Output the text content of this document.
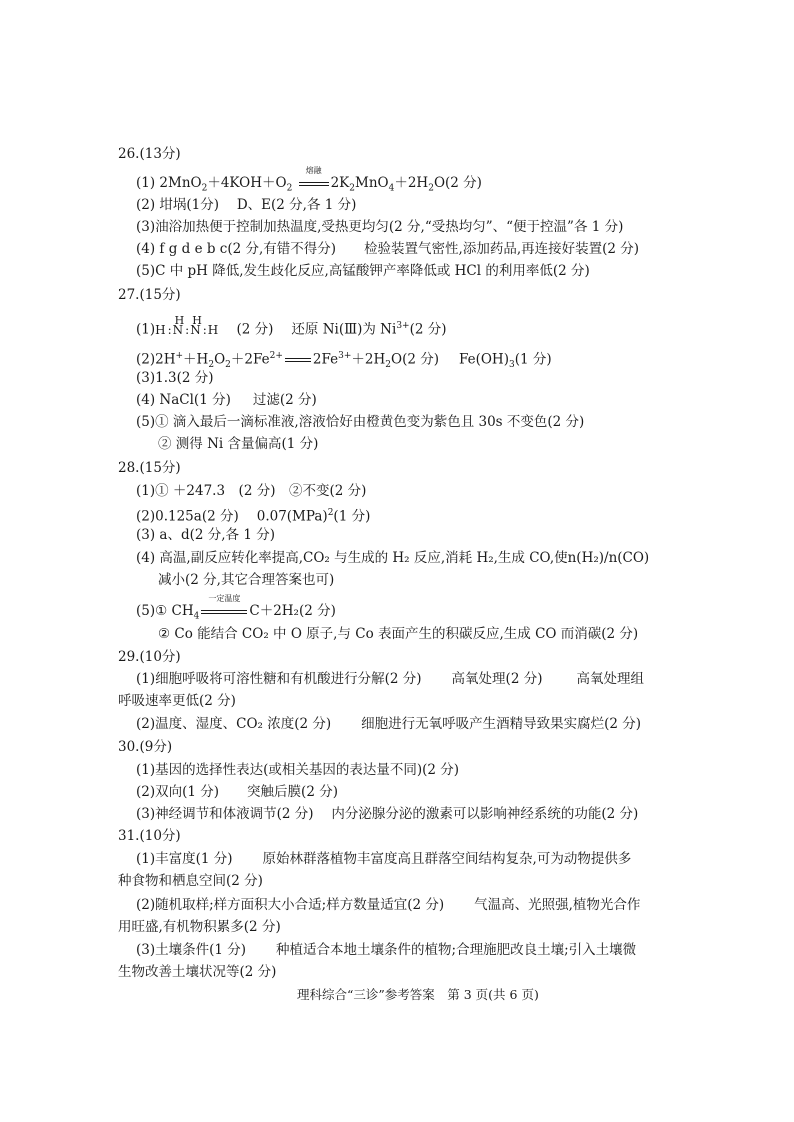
26.(13分)
(1) $2MnO_2+4KOH+O_2$
熔融
$2K_2MnO_4+2H_2O(2$ 分)
(2) 坩埚(1分)　 D、E(2 分,各 1 分)
(3)油浴加热便于控制加热温度,受热更均匀(2 分,“受热均匀”、“便于控温”各 1 分)
(4) f g d e b c(2 分,有错不得分) 检验装置气密性,添加药品,再连接好装置(2 分)
(5)C 中 pH 降低,发生歧化反应,高锰酸钾产率降低或 HCl 的利用率低(2 分)
27.(15分)
(1)H : N
H
: N
H
: H (2 分) 还原 Ni(Ⅲ)为 $Ni^{3+}(2$ 分)
$(2)2H^++H_2O_2+2Fe^{2+}$ $2Fe^{3+}+2H_2O(2$ 分) $Fe(OH)_3(1$ 分)
(3)1.3(2 分)
(4) NaCl(1 分) 过滤(2 分)
(5)① 滴入最后一滴标准液,溶液恰好由橙黄色变为紫色且 30s 不变色(2 分)
② 测得 Ni 含量偏高(1 分)
28.(15分)
(1)① ＋247.3　(2 分)　②不变(2 分)
(2)0.125a(2 分) 0.07(MPa)$^2$(1 分)
(3) a、d(2 分,各 1 分)
(4) 高温,副反应转化率提高,CO₂ 与生成的 H₂ 反应,消耗 H₂,生成 CO,使n(H₂)/n(CO)
减小(2 分,其它合理答案也可)
(5)① $CH_4$
一定温度
C＋2H₂(2 分)
② Co 能结合 CO₂ 中 O 原子,与 Co 表面产生的积碳反应,生成 CO 而消碳(2 分)
29.(10分)
(1)细胞呼吸将可溶性糖和有机酸进行分解(2 分) 高氧处理(2 分)	高氧处理组
呼吸速率更低(2 分)
(2)温度、湿度、CO₂ 浓度(2 分) 细胞进行无氧呼吸产生酒精导致果实腐烂(2 分)
30.(9分)
(1)基因的选择性表达(或相关基因的表达量不同)(2 分)
(2)双向(1 分) 突触后膜(2 分)
(3)神经调节和体液调节(2 分)　 内分泌腺分泌的激素可以影响神经系统的功能(2 分)
31.(10分)
(1)丰富度(1 分) 原始林群落植物丰富度高且群落空间结构复杂,可为动物提供多
种食物和栖息空间(2 分)
(2)随机取样;样方面积大小合适;样方数量适宜(2 分) 气温高、光照强,植物光合作
用旺盛,有机物积累多(2 分)
(3)土壤条件(1 分) 种植适合本地土壤条件的植物;合理施肥改良土壤;引入土壤微
生物改善土壤状况等(2 分)
理科综合“三诊”参考答案　第 3 页(共 6 页)
